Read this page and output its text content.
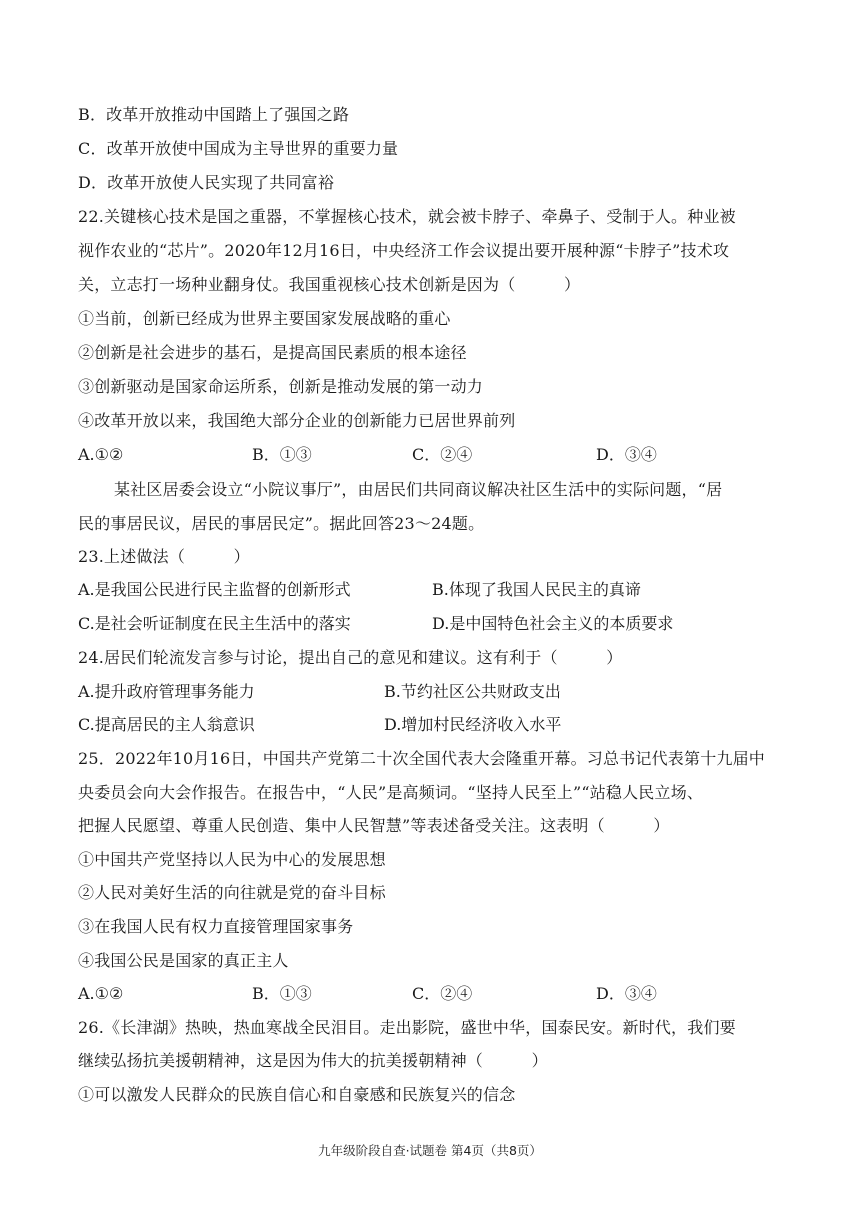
B．改革开放推动中国踏上了强国之路
C．改革开放使中国成为主导世界的重要力量
D．改革开放使人民实现了共同富裕
22.关键核心技术是国之重器，不掌握核心技术，就会被卡脖子、牵鼻子、受制于人。种业被
视作农业的“芯片”。2020年12月16日，中央经济工作会议提出要开展种源“卡脖子”技术攻
关，立志打一场种业翻身仗。我国重视核心技术创新是因为（　　　）
①当前，创新已经成为世界主要国家发展战略的重心
②创新是社会进步的基石，是提高国民素质的根本途径
③创新驱动是国家命运所系，创新是推动发展的第一动力
④改革开放以来，我国绝大部分企业的创新能力已居世界前列
A.①②	B．①③	C．②④	D．③④
某社区居委会设立“小院议事厅”，由居民们共同商议解决社区生活中的实际问题，“居
民的事居民议，居民的事居民定”。据此回答23～24题。
23.上述做法（　　　）
A.是我国公民进行民主监督的创新形式	B.体现了我国人民民主的真谛
C.是社会听证制度在民主生活中的落实	D.是中国特色社会主义的本质要求
24.居民们轮流发言参与讨论，提出自己的意见和建议。这有利于（　　　）
A.提升政府管理事务能力	B.节约社区公共财政支出
C.提高居民的主人翁意识	D.增加村民经济收入水平
25．2022年10月16日，中国共产党第二十次全国代表大会隆重开幕。习总书记代表第十九届中
央委员会向大会作报告。在报告中，“人民”是高频词。“坚持人民至上”“站稳人民立场、
把握人民愿望、尊重人民创造、集中人民智慧”等表述备受关注。这表明（　　　）
①中国共产党坚持以人民为中心的发展思想
②人民对美好生活的向往就是党的奋斗目标
③在我国人民有权力直接管理国家事务
④我国公民是国家的真正主人
A.①②	B．①③	C．②④	D．③④
26.《长津湖》热映，热血寒战全民泪目。走出影院，盛世中华，国泰民安。新时代，我们要
继续弘扬抗美援朝精神，这是因为伟大的抗美援朝精神（　　　）
①可以激发人民群众的民族自信心和自豪感和民族复兴的信念
九年级阶段自查·试题卷 第4页（共8页）
